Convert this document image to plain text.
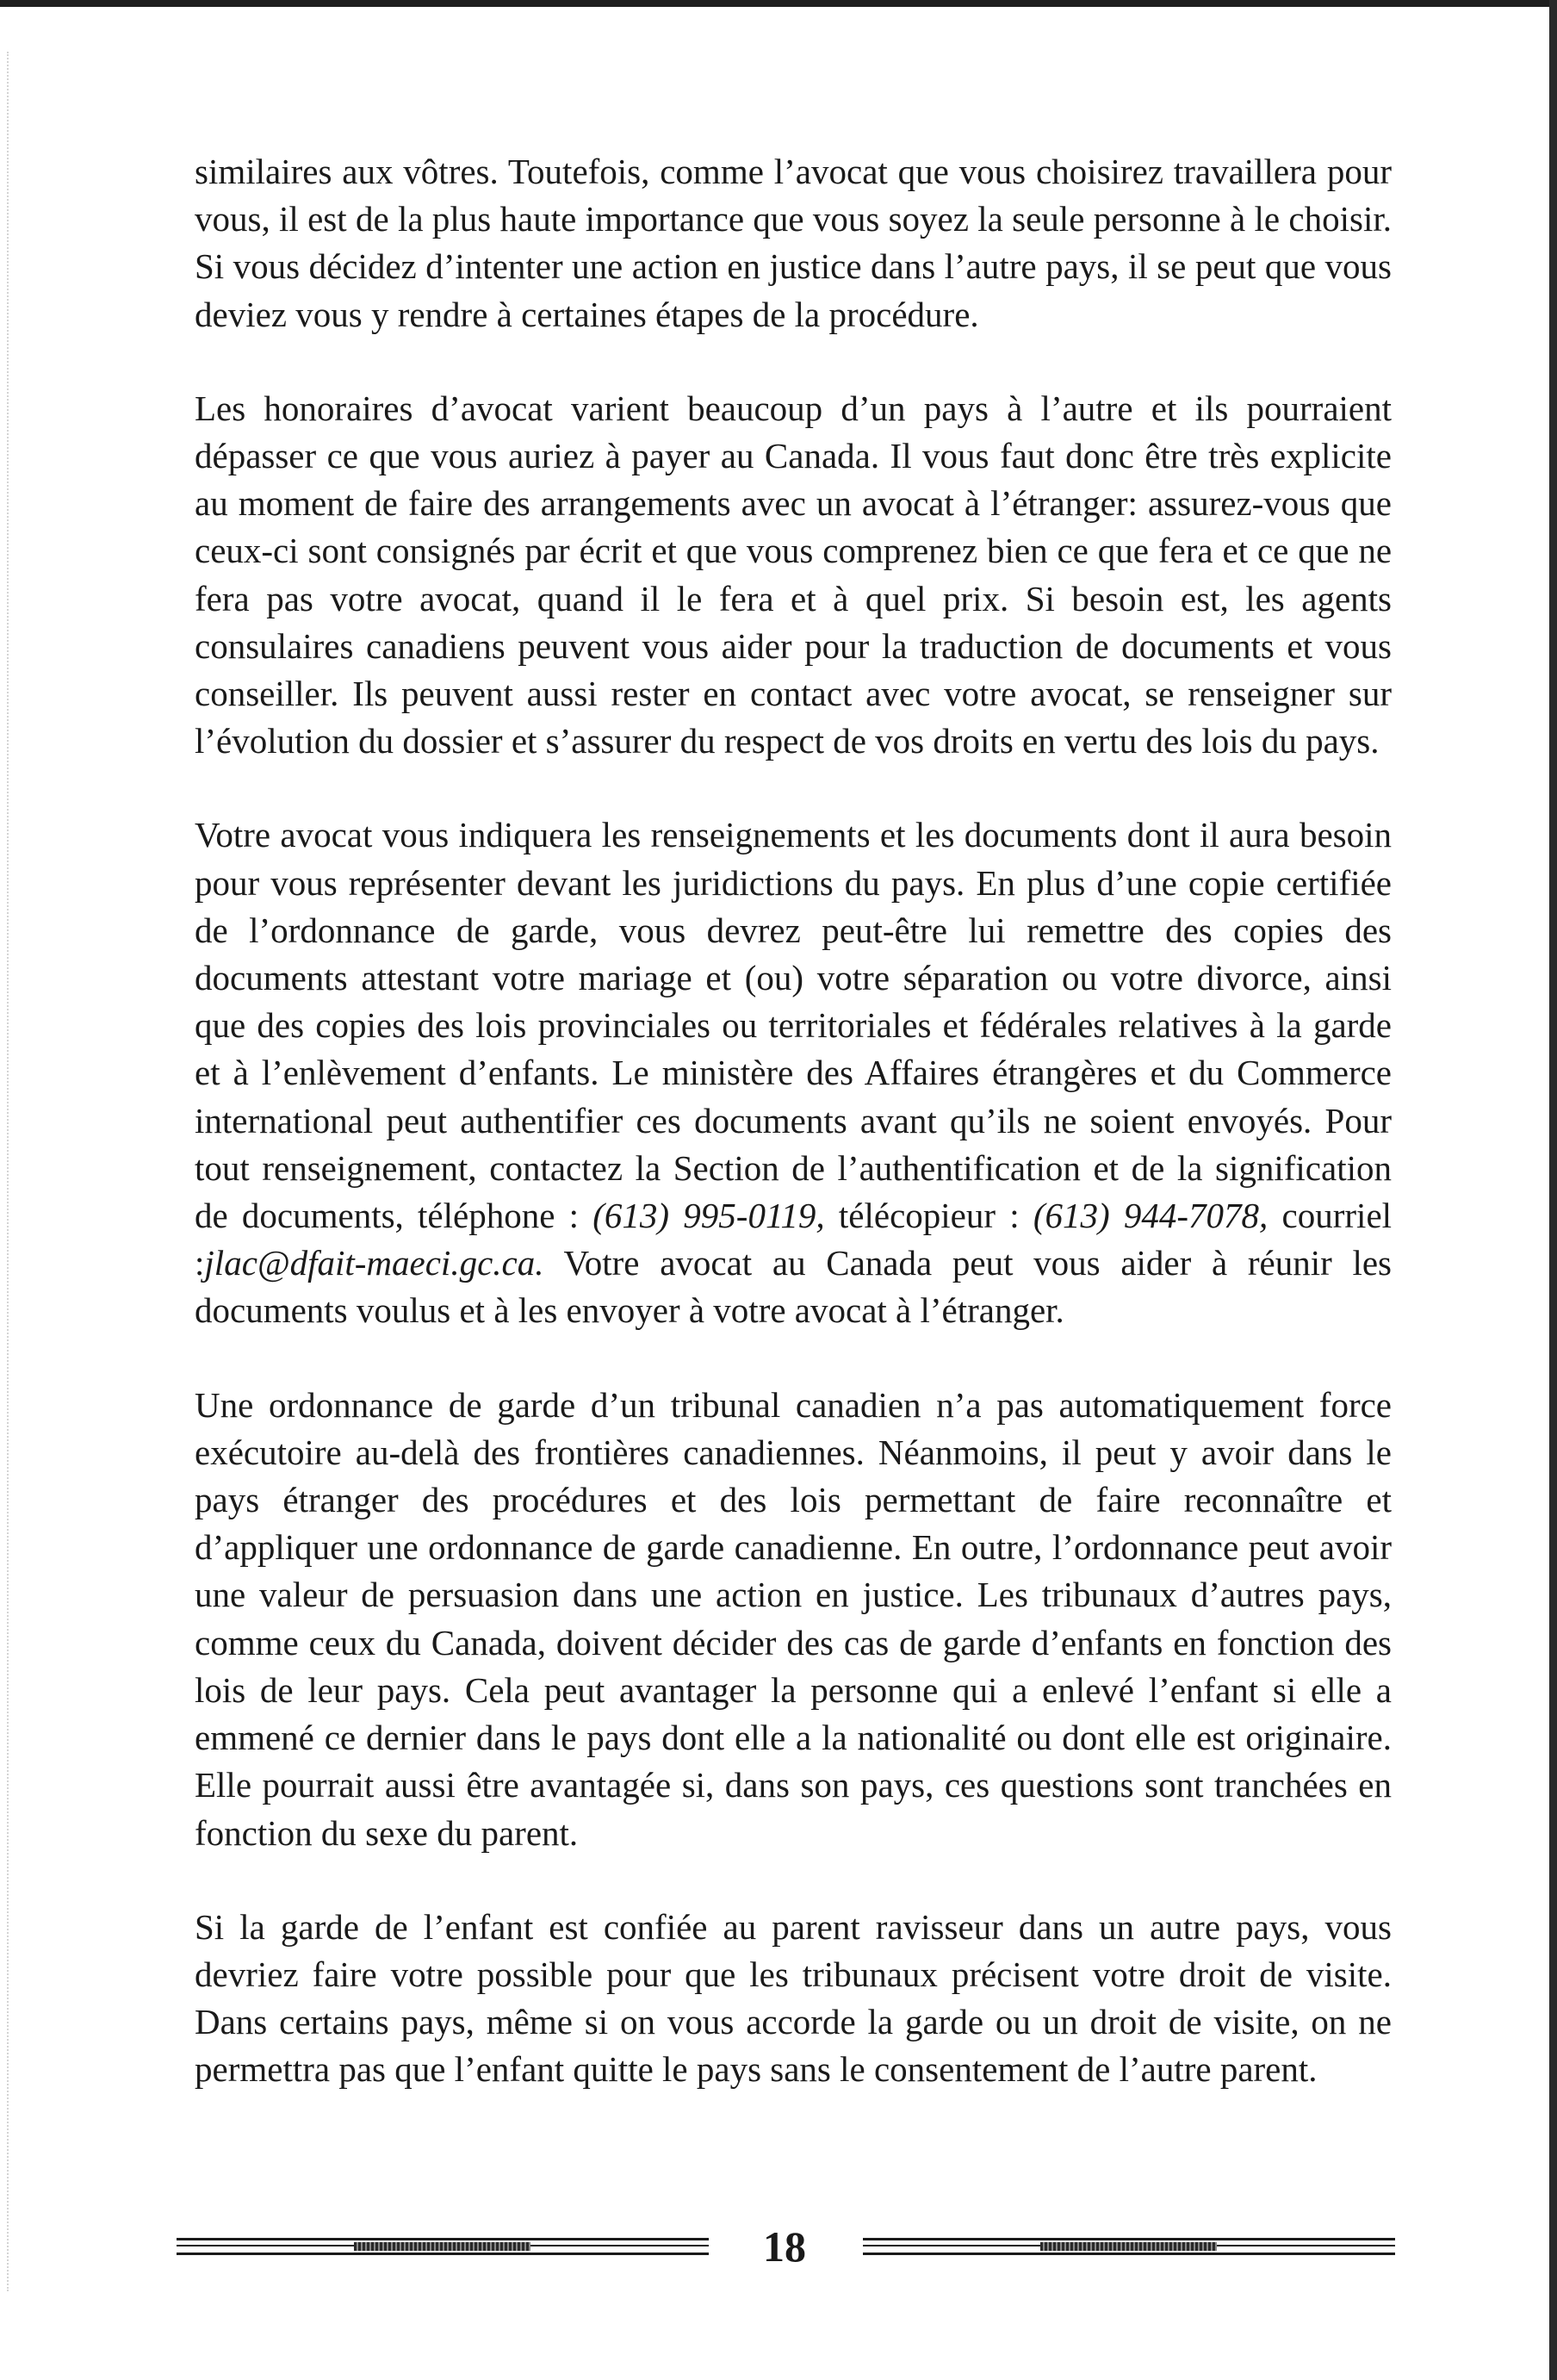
similaires aux vôtres. Toutefois, comme l’avocat que vous choisirez travaillera pour vous, il est de la plus haute importance que vous soyez la seule personne à le choisir. Si vous décidez d’intenter une action en justice dans l’autre pays, il se peut que vous deviez vous y rendre à certaines étapes de la procédure.

Les honoraires d’avocat varient beaucoup d’un pays à l’autre et ils pourraient dépasser ce que vous auriez à payer au Canada. Il vous faut donc être très explicite au moment de faire des arrangements avec un avocat à l’étranger: assurez-vous que ceux-ci sont consignés par écrit et que vous comprenez bien ce que fera et ce que ne fera pas votre avocat, quand il le fera et à quel prix. Si besoin est, les agents consulaires canadiens peuvent vous aider pour la traduction de documents et vous conseiller. Ils peuvent aussi rester en contact avec votre avocat, se renseigner sur l’évolution du dossier et s’assurer du respect de vos droits en vertu des lois du pays.

Votre avocat vous indiquera les renseignements et les documents dont il aura besoin pour vous représenter devant les juridictions du pays. En plus d’une copie certifiée de l’ordonnance de garde, vous devrez peut-être lui remettre des copies des documents attestant votre mariage et (ou) votre séparation ou votre divorce, ainsi que des copies des lois provinciales ou territoriales et fédérales relatives à la garde et à l’enlèvement d’enfants. Le ministère des Affaires étrangères et du Commerce international peut authentifier ces documents avant qu’ils ne soient envoyés. Pour tout renseignement, contactez la Section de l’authentification et de la signification de documents, téléphone : (613) 995-0119, télécopieur : (613) 944-7078, courriel :jlac@dfait-maeci.gc.ca. Votre avocat au Canada peut vous aider à réunir les documents voulus et à les envoyer à votre avocat à l’étranger.

Une ordonnance de garde d’un tribunal canadien n’a pas automatiquement force exécutoire au-delà des frontières canadiennes. Néanmoins, il peut y avoir dans le pays étranger des procédures et des lois permettant de faire reconnaître et d’appliquer une ordonnance de garde canadienne. En outre, l’ordonnance peut avoir une valeur de persuasion dans une action en justice. Les tribunaux d’autres pays, comme ceux du Canada, doivent décider des cas de garde d’enfants en fonction des lois de leur pays. Cela peut avantager la personne qui a enlevé l’enfant si elle a emmené ce dernier dans le pays dont elle a la nationalité ou dont elle est originaire. Elle pourrait aussi être avantagée si, dans son pays, ces questions sont tranchées en fonction du sexe du parent.

Si la garde de l’enfant est confiée au parent ravisseur dans un autre pays, vous devriez faire votre possible pour que les tribunaux précisent votre droit de visite. Dans certains pays, même si on vous accorde la garde ou un droit de visite, on ne permettra pas que l’enfant quitte le pays sans le consentement de l’autre parent.

18
